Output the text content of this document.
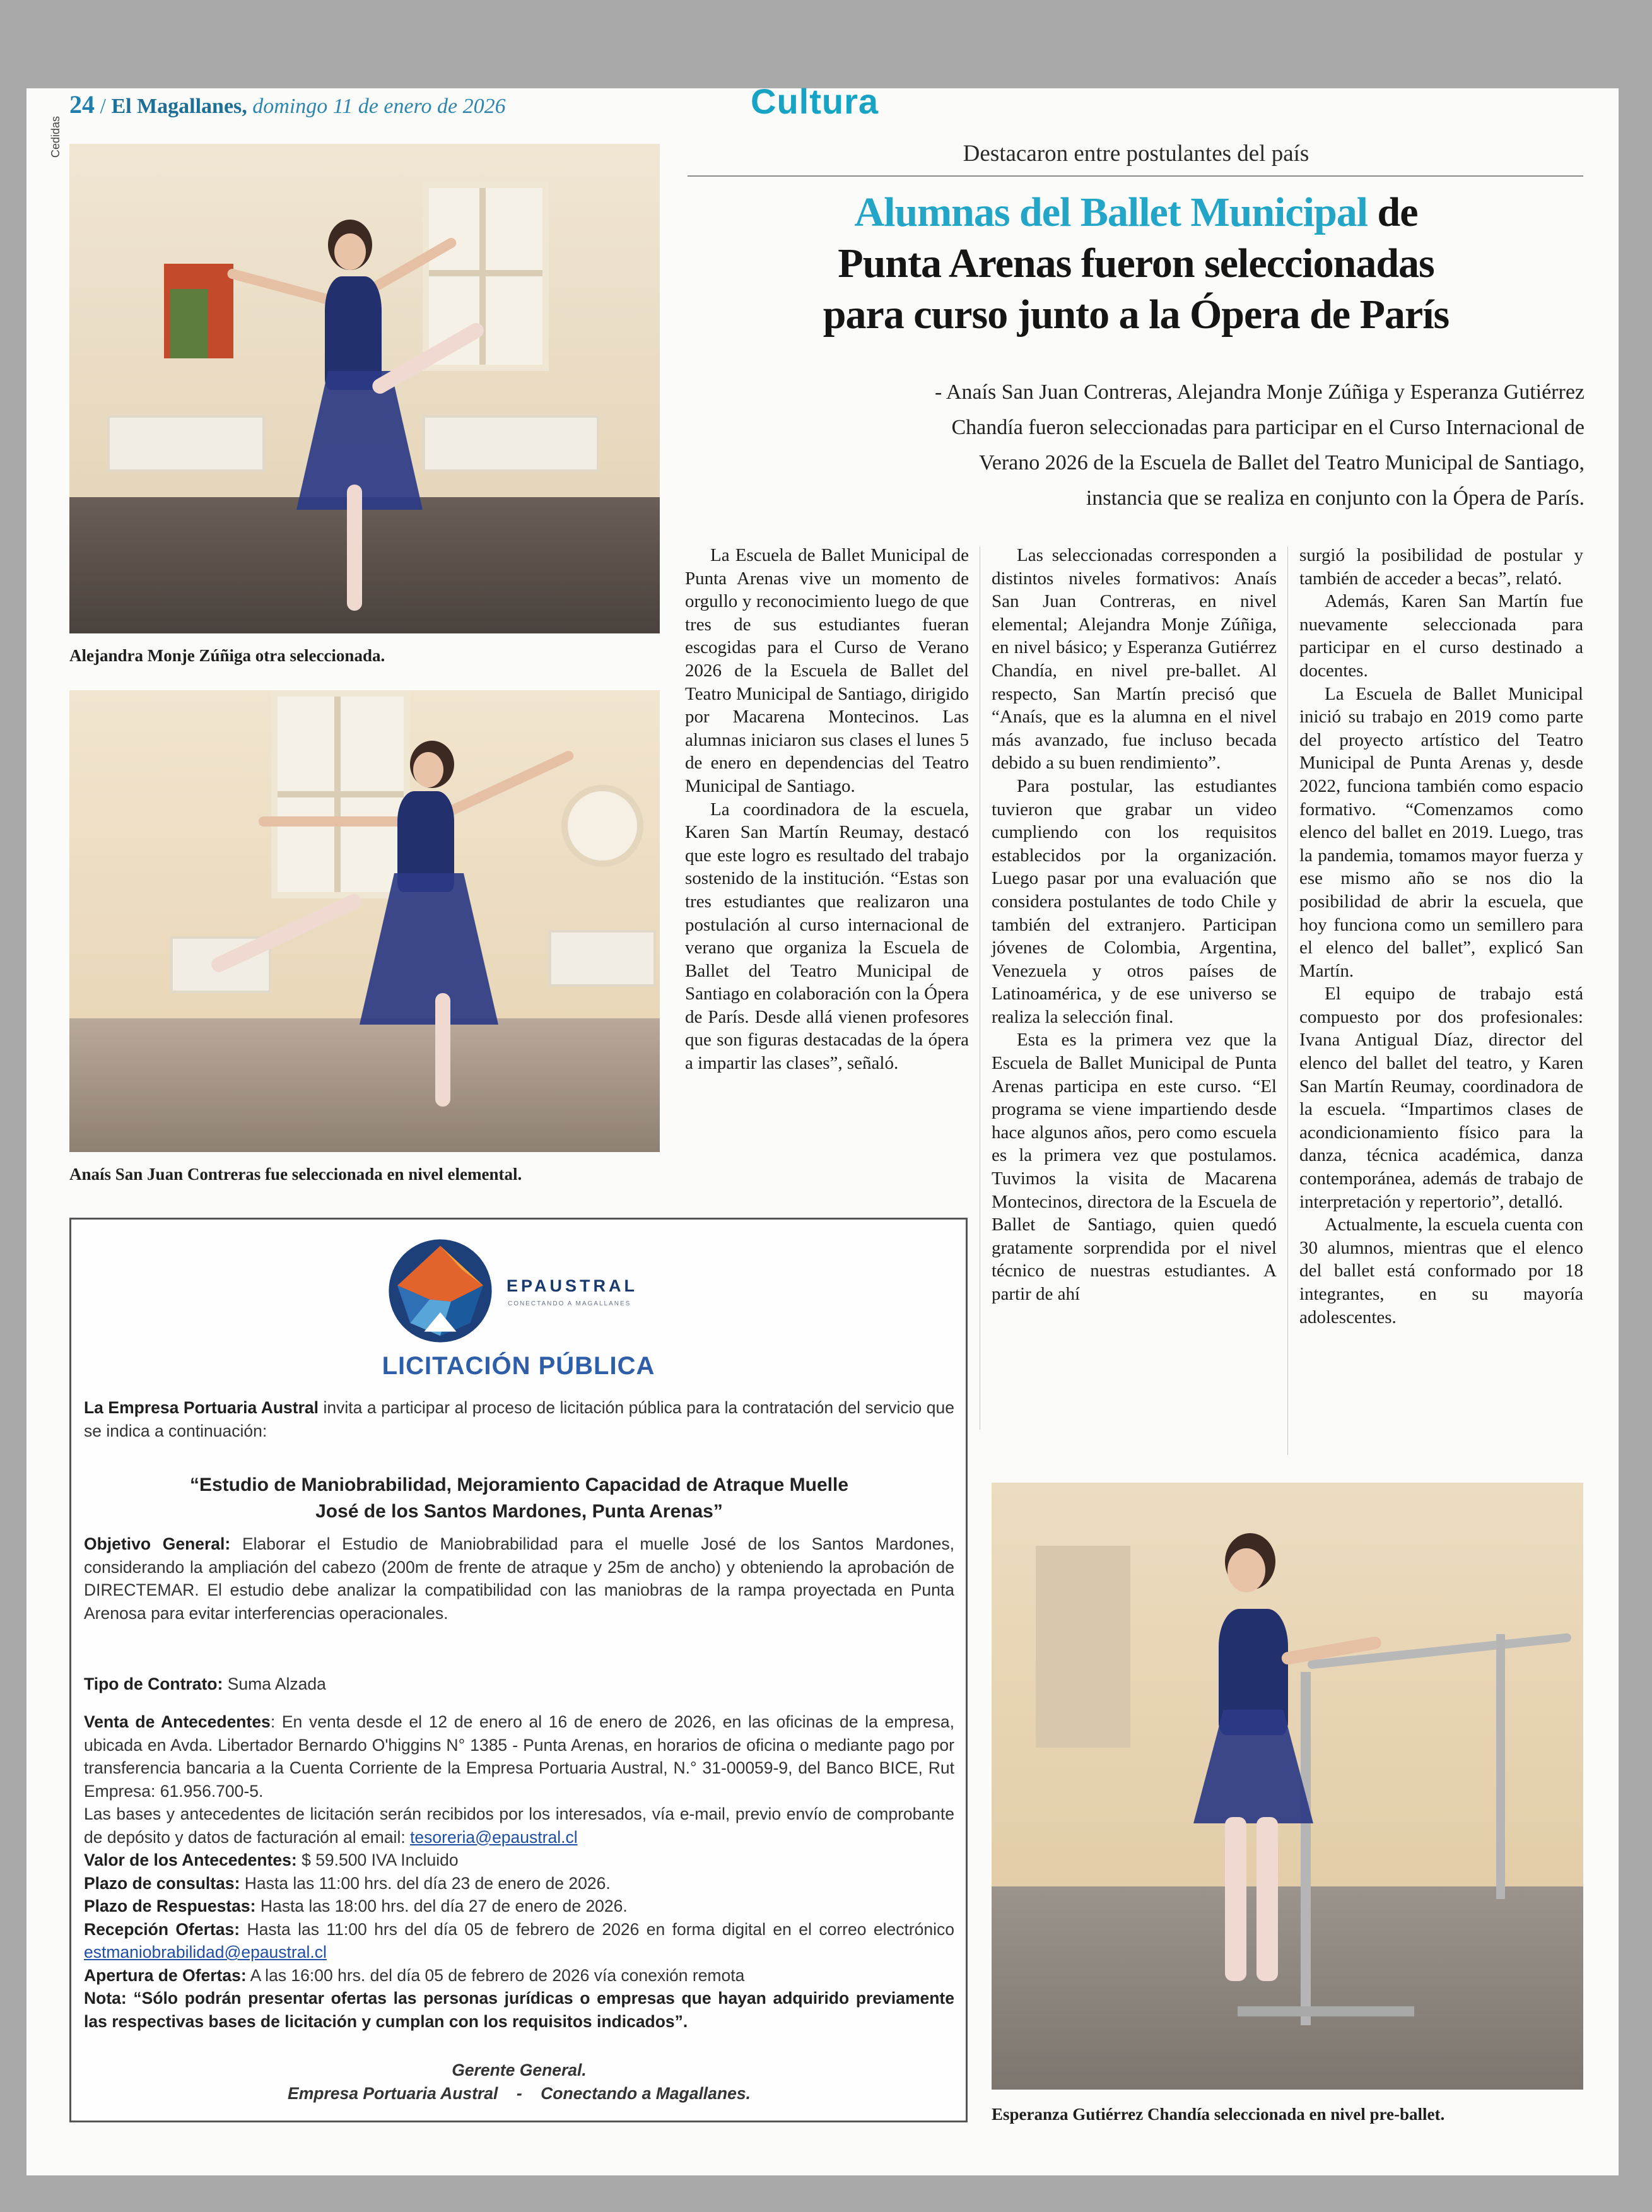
24 / El Magallanes, domingo 11 de enero de 2026	Cultura
Cedidas
Alejandra Monje Zúñiga otra seleccionada.
Anaís San Juan Contreras fue seleccionada en nivel elemental.
Destacaron entre postulantes del país
Alumnas del Ballet Municipal de
Punta Arenas fueron seleccionadas
para curso junto a la Ópera de París
- Anaís San Juan Contreras, Alejandra Monje Zúñiga y Esperanza Gutiérrez
Chandía fueron seleccionadas para participar en el Curso Internacional de
Verano 2026 de la Escuela de Ballet del Teatro Municipal de Santiago,
instancia que se realiza en conjunto con la Ópera de París.

La Escuela de Ballet Municipal de Punta Arenas vive un momento de orgullo y reconocimiento luego de que tres de sus estudiantes fueran escogidas para el Curso de Verano 2026 de la Escuela de Ballet del Teatro Municipal de Santiago, dirigido por Macarena Montecinos. Las alumnas iniciaron sus clases el lunes 5 de enero en dependencias del Teatro Municipal de Santiago.

La coordinadora de la escuela, Karen San Martín Reumay, destacó que este logro es resultado del trabajo sostenido de la institución. “Estas son tres estudiantes que realizaron una postulación al curso internacional de verano que organiza la Escuela de Ballet del Teatro Municipal de Santiago en colaboración con la Ópera de París. Desde allá vienen profesores que son figuras destacadas de la ópera a impartir las clases”, señaló.

Las seleccionadas corresponden a distintos niveles formativos: Anaís San Juan Contreras, en nivel elemental; Alejandra Monje Zúñiga, en nivel básico; y Esperanza Gutiérrez Chandía, en nivel pre-ballet. Al respecto, San Martín precisó que “Anaís, que es la alumna en el nivel más avanzado, fue incluso becada debido a su buen rendimiento”.

Para postular, las estudiantes tuvieron que grabar un video cumpliendo con los requisitos establecidos por la organización. Luego pasar por una evaluación que considera postulantes de todo Chile y también del extranjero. Participan jóvenes de Colombia, Argentina, Venezuela y otros países de Latinoamérica, y de ese universo se realiza la selección final.

Esta es la primera vez que la Escuela de Ballet Municipal de Punta Arenas participa en este curso. “El programa se viene impartiendo desde hace algunos años, pero como escuela es la primera vez que postulamos. Tuvimos la visita de Macarena Montecinos, directora de la Escuela de Ballet de Santiago, quien quedó gratamente sorprendida por el nivel técnico de nuestras estudiantes. A partir de ahí

surgió la posibilidad de postular y también de acceder a becas”, relató.

Además, Karen San Martín fue nuevamente seleccionada para participar en el curso destinado a docentes.

La Escuela de Ballet Municipal inició su trabajo en 2019 como parte del proyecto artístico del Teatro Municipal de Punta Arenas y, desde 2022, funciona también como espacio formativo. “Comenzamos como elenco del ballet en 2019. Luego, tras la pandemia, tomamos mayor fuerza y ese mismo año se nos dio la posibilidad de abrir la escuela, que hoy funciona como un semillero para el elenco del ballet”, explicó San Martín.

El equipo de trabajo está compuesto por dos profesionales: Ivana Antigual Díaz, director del elenco del ballet del teatro, y Karen San Martín Reumay, coordinadora de la escuela. “Impartimos clases de acondicionamiento físico para la danza, técnica académica, danza contemporánea, además de trabajo de interpretación y repertorio”, detalló.

Actualmente, la escuela cuenta con 30 alumnos, mientras que el elenco del ballet está conformado por 18 integrantes, en su mayoría adolescentes.

Esperanza Gutiérrez Chandía seleccionada en nivel pre-ballet.
EPAUSTRAL
CONECTANDO A MAGALLANES
LICITACIÓN PÚBLICA
La Empresa Portuaria Austral invita a participar al proceso de licitación pública para la contratación del servicio que se indica a continuación:
“Estudio de Maniobrabilidad, Mejoramiento Capacidad de Atraque Muelle
José de los Santos Mardones, Punta Arenas”
Objetivo General: Elaborar el Estudio de Maniobrabilidad para el muelle José de los Santos Mardones, considerando la ampliación del cabezo (200m de frente de atraque y 25m de ancho) y obteniendo la aprobación de DIRECTEMAR. El estudio debe analizar la compatibilidad con las maniobras de la rampa proyectada en Punta Arenosa para evitar interferencias operacionales.
Tipo de Contrato: Suma Alzada
Venta de Antecedentes: En venta desde el 12 de enero al 16 de enero de 2026, en las oficinas de la empresa, ubicada en Avda. Libertador Bernardo O'higgins N° 1385 - Punta Arenas, en horarios de oficina o mediante pago por transferencia bancaria a la Cuenta Corriente de la Empresa Portuaria Austral, N.° 31-00059-9, del Banco BICE, Rut Empresa: 61.956.700-5.
Las bases y antecedentes de licitación serán recibidos por los interesados, vía e-mail, previo envío de comprobante de depósito y datos de facturación al email: tesoreria@epaustral.cl
Valor de los Antecedentes: $ 59.500 IVA Incluido
Plazo de consultas: Hasta las 11:00 hrs. del día 23 de enero de 2026.
Plazo de Respuestas: Hasta las 18:00 hrs. del día 27 de enero de 2026.
Recepción Ofertas: Hasta las 11:00 hrs del día 05 de febrero de 2026 en forma digital en el correo electrónico estmaniobrabilidad@epaustral.cl
Apertura de Ofertas: A las 16:00 hrs. del día 05 de febrero de 2026 vía conexión remota
Nota: “Sólo podrán presentar ofertas las personas jurídicas o empresas que hayan adquirido previamente las respectivas bases de licitación y cumplan con los requisitos indicados”.
Gerente General.
Empresa Portuaria Austral - Conectando a Magallanes.
